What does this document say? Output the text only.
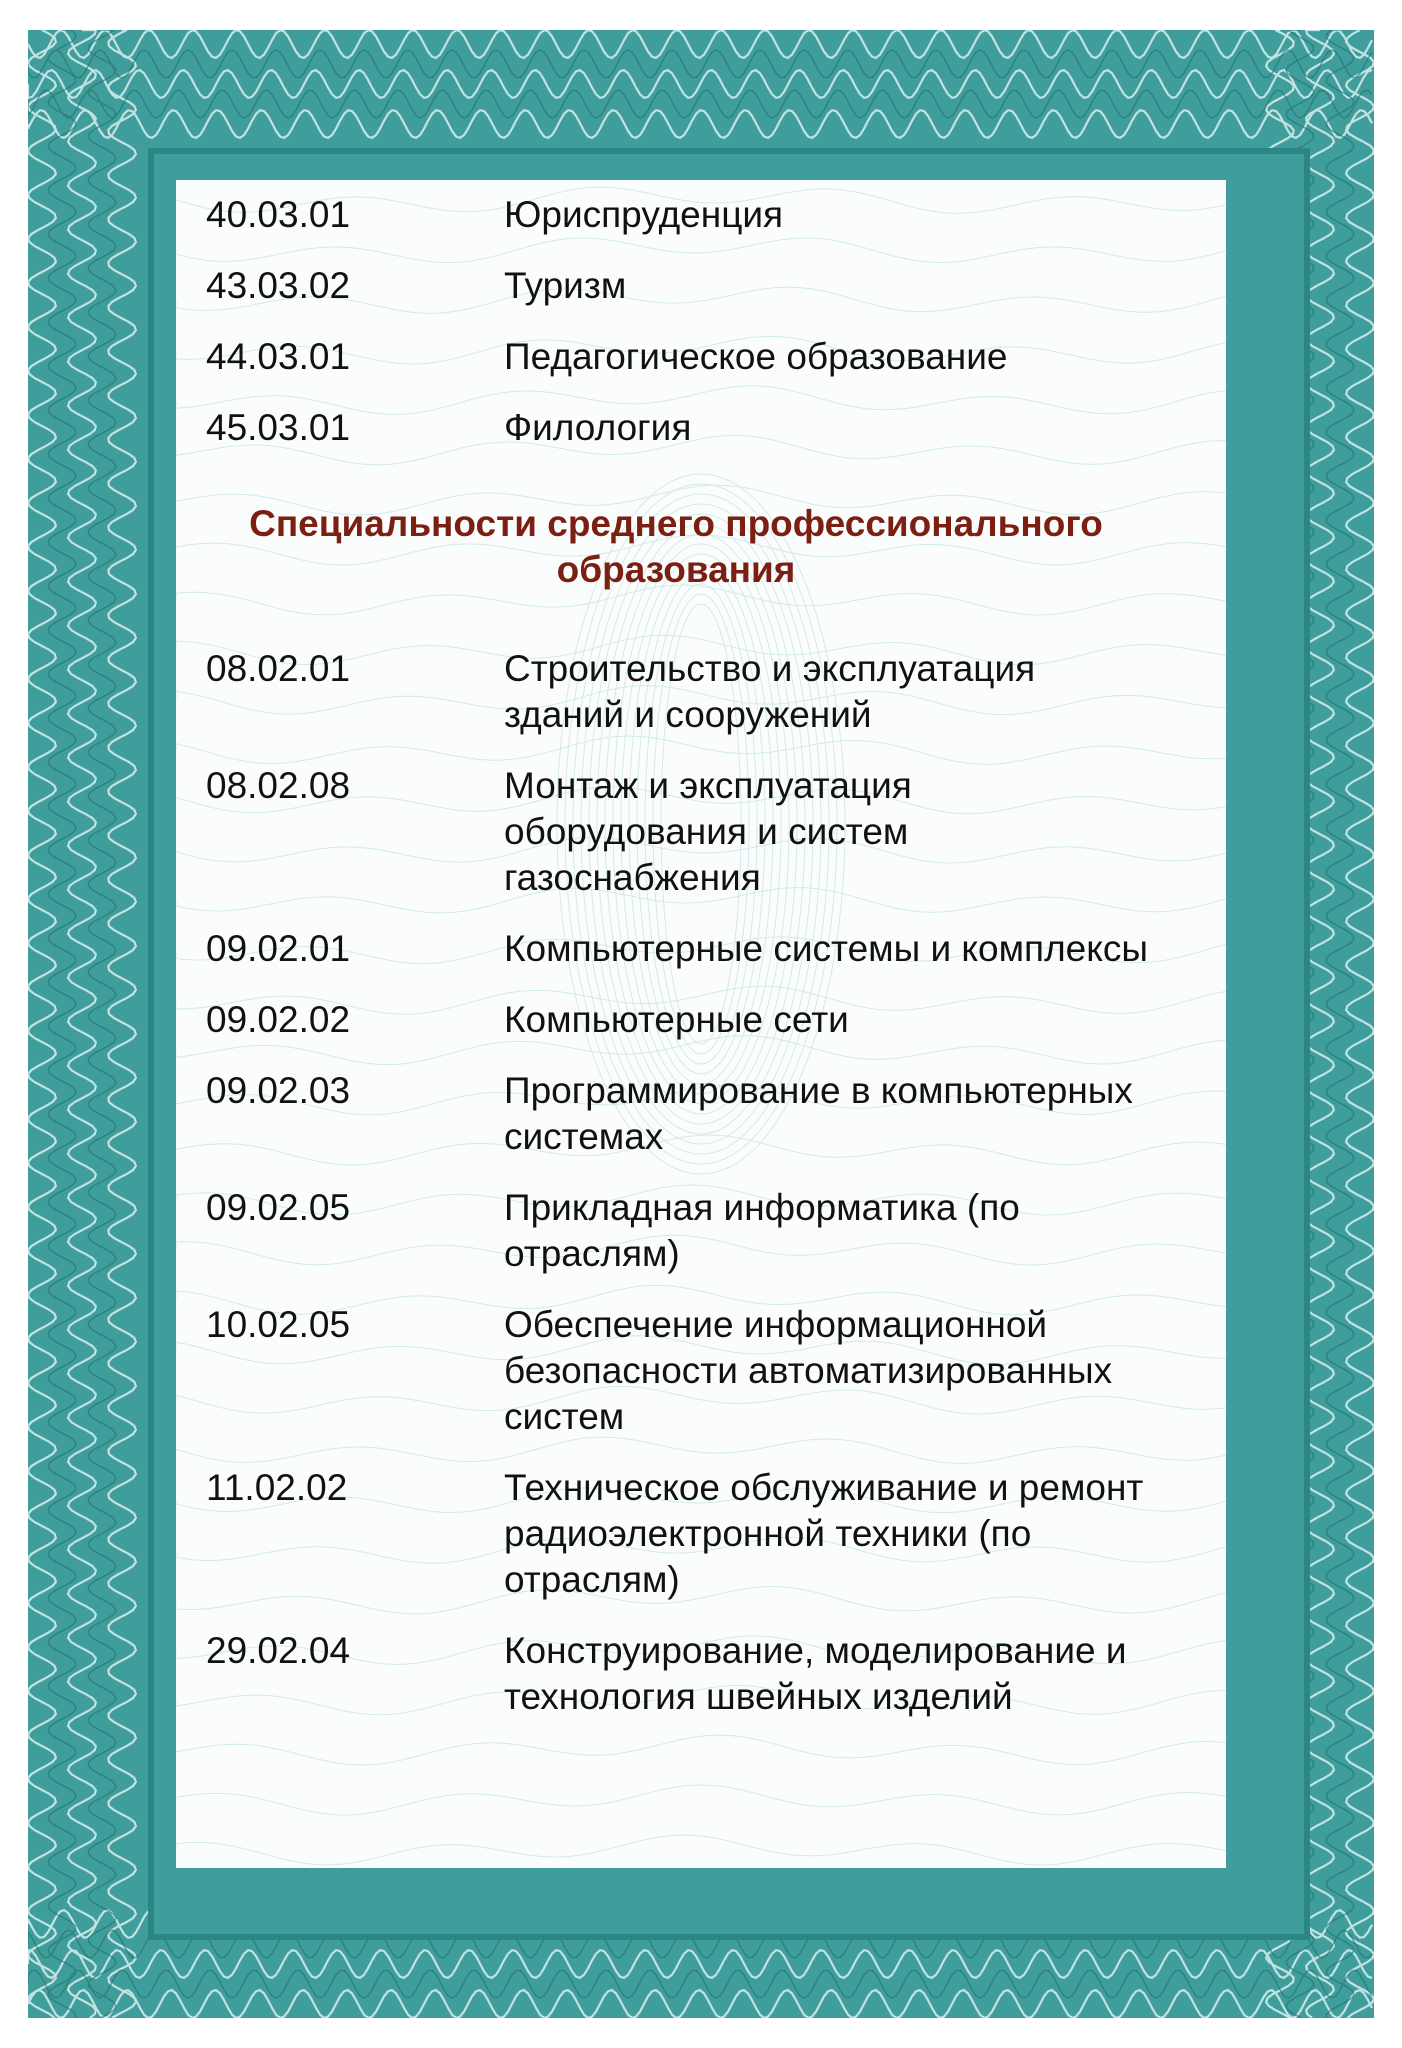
40.03.01	Юриспруденция
43.03.02	Туризм
44.03.01	Педагогическое образование
45.03.01	Филология
Специальности среднего профессионального
образования
08.02.01	Строительство и эксплуатация
зданий и сооружений
08.02.08	Монтаж и эксплуатация
оборудования и систем
газоснабжения
09.02.01	Компьютерные системы и комплексы
09.02.02	Компьютерные сети
09.02.03	Программирование в компьютерных
системах
09.02.05	Прикладная информатика (по
отраслям)
10.02.05	Обеспечение информационной
безопасности автоматизированных
систем
11.02.02	Техническое обслуживание и ремонт
радиоэлектронной техники (по
отраслям)
29.02.04	Конструирование, моделирование и
технология швейных изделий
